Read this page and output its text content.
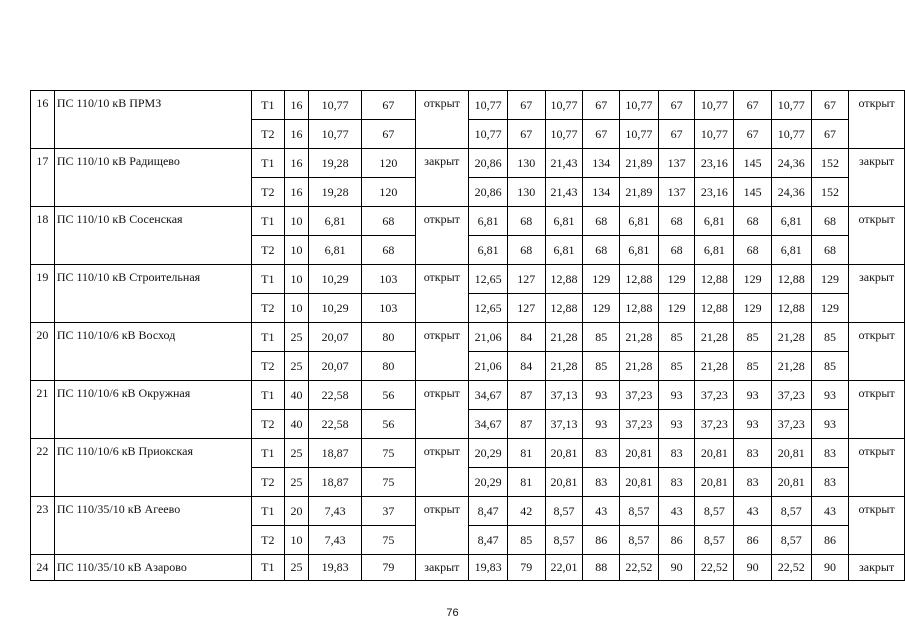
16	ПС 110/10 кВ ПРМЗ	Т1	16	10,77	67	открыт	10,77	67	10,77	67	10,77	67	10,77	67	10,77	67	открыт
		Т2	16	10,77	67		10,77	67	10,77	67	10,77	67	10,77	67	10,77	67	
17	ПС 110/10 кВ Радищево	Т1	16	19,28	120	закрыт	20,86	130	21,43	134	21,89	137	23,16	145	24,36	152	закрыт
		Т2	16	19,28	120		20,86	130	21,43	134	21,89	137	23,16	145	24,36	152	
18	ПС 110/10 кВ Сосенская	Т1	10	6,81	68	открыт	6,81	68	6,81	68	6,81	68	6,81	68	6,81	68	открыт
		Т2	10	6,81	68		6,81	68	6,81	68	6,81	68	6,81	68	6,81	68	
19	ПС 110/10 кВ Строительная	Т1	10	10,29	103	открыт	12,65	127	12,88	129	12,88	129	12,88	129	12,88	129	закрыт
		Т2	10	10,29	103		12,65	127	12,88	129	12,88	129	12,88	129	12,88	129	
20	ПС 110/10/6 кВ Восход	Т1	25	20,07	80	открыт	21,06	84	21,28	85	21,28	85	21,28	85	21,28	85	открыт
		Т2	25	20,07	80		21,06	84	21,28	85	21,28	85	21,28	85	21,28	85	
21	ПС 110/10/6 кВ Окружная	Т1	40	22,58	56	открыт	34,67	87	37,13	93	37,23	93	37,23	93	37,23	93	открыт
		Т2	40	22,58	56		34,67	87	37,13	93	37,23	93	37,23	93	37,23	93	
22	ПС 110/10/6 кВ Приокская	Т1	25	18,87	75	открыт	20,29	81	20,81	83	20,81	83	20,81	83	20,81	83	открыт
		Т2	25	18,87	75		20,29	81	20,81	83	20,81	83	20,81	83	20,81	83	
23	ПС 110/35/10 кВ Агеево	Т1	20	7,43	37	открыт	8,47	42	8,57	43	8,57	43	8,57	43	8,57	43	открыт
		Т2	10	7,43	75		8,47	85	8,57	86	8,57	86	8,57	86	8,57	86	
24	ПС 110/35/10 кВ Азарово	Т1	25	19,83	79	закрыт	19,83	79	22,01	88	22,52	90	22,52	90	22,52	90	закрыт
76
